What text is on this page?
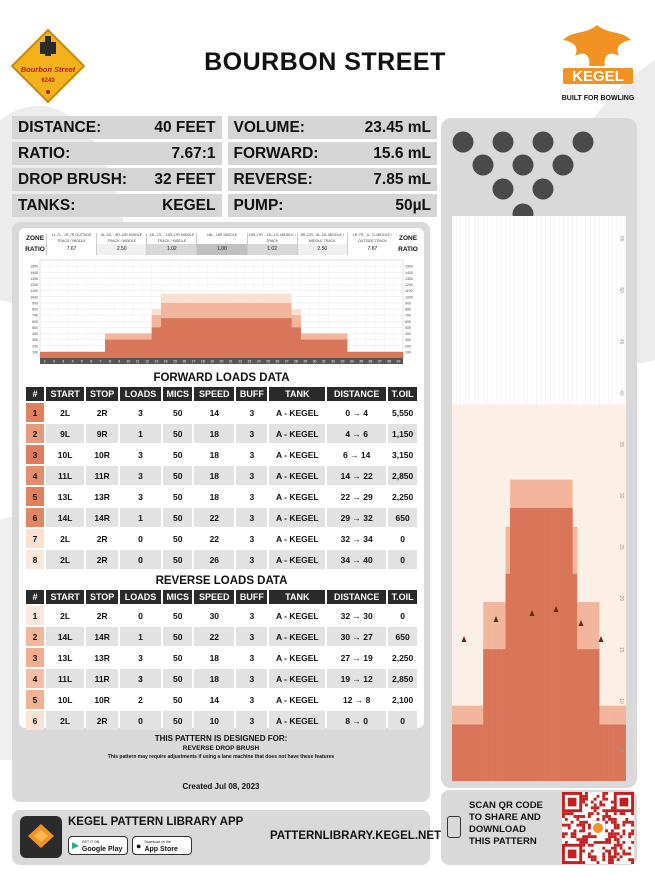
Bourbon Street
6240
BOURBON STREET
KEGEL
BUILT FOR BOWLING
DISTANCE:	40 FEET VOLUME:	23.45 mL
RATIO:	7.67:1 FORWARD:	15.6 mL
DROP BRUSH: 32 FEET REVERSE:	7.85 mL
TANKS:	KEGEL PUMP:	50µL
ZONE
RATIO
1L-7L - 1R-7R OUTSIDE TRACK / MIDDLE
7.67
8L-12L - 8R-12R MIDDLE TRACK / MIDDLE
2.50
13L-17L - 13R-17R MIDDLE TRACK / MIDDLE
1.02
18L - 18R MIDDLE
1.00
13R-17R - 13L-17L MIDDLE / TRACK
1.02
8R-12R - 8L-12L MIDDLE / MIDDLE TRACK
2.50
1R-7R - 1L-7L MIDDLE / OUTSIDE TRACK
7.67
ZONE
RATIO
1500	1500
1400	1400
1300	1300
1200	1200
1100	1100
1000	1000
900	900
800	800
700	700
600	600
500	500
400	400
300	300
200	200
100	100
1 2 3 4 5 6 7 8 9 10 11 12 13 14 15 16 17 18 19 20 21 22 23 24 25 26 27 28 29 30 31 32 33 34 35 36 37 38 39
FORWARD LOADS DATA
#	START	STOP	LOADS	MICS	SPEED	BUFF	TANK	DISTANCE	T.OIL
1	2L	2R	3	50	14	3	A - KEGEL	0 → 4	5,550
2	9L	9R	1	50	18	3	A - KEGEL	4 → 6	1,150
3	10L	10R	3	50	18	3	A - KEGEL	6 → 14	3,150
4	11L	11R	3	50	18	3	A - KEGEL	14 → 22	2,850
5	13L	13R	3	50	18	3	A - KEGEL	22 → 29	2,250
6	14L	14R	1	50	22	3	A - KEGEL	29 → 32	650
7	2L	2R	0	50	22	3	A - KEGEL	32 → 34	0
8	2L	2R	0	50	26	3	A - KEGEL	34 → 40	0
REVERSE LOADS DATA
#	START	STOP	LOADS	MICS	SPEED	BUFF	TANK	DISTANCE	T.OIL
1	2L	2R	0	50	30	3	A - KEGEL	32 → 30	0
2	14L	14R	1	50	22	3	A - KEGEL	30 → 27	650
3	13L	13R	3	50	18	3	A - KEGEL	27 → 19	2,250
4	11L	11R	3	50	18	3	A - KEGEL	19 → 12	2,850
5	10L	10R	2	50	14	3	A - KEGEL	12 → 8	2,100
6	2L	2R	0	50	10	3	A - KEGEL	8 → 0	0
THIS PATTERN IS DESIGNED FOR:
REVERSE DROP BRUSH
This pattern may require adjustments if using a lane machine that does not have these features
Created Jul 08, 2023
KEGEL PATTERN LIBRARY APP
▶ GET IT ON
Google Play ● Download on the
App Store
PATTERNLIBRARY.KEGEL.NET
55
50
45
40
35
30
25
20
15
10
5
SCAN QR CODE TO SHARE AND DOWNLOAD THIS PATTERN
